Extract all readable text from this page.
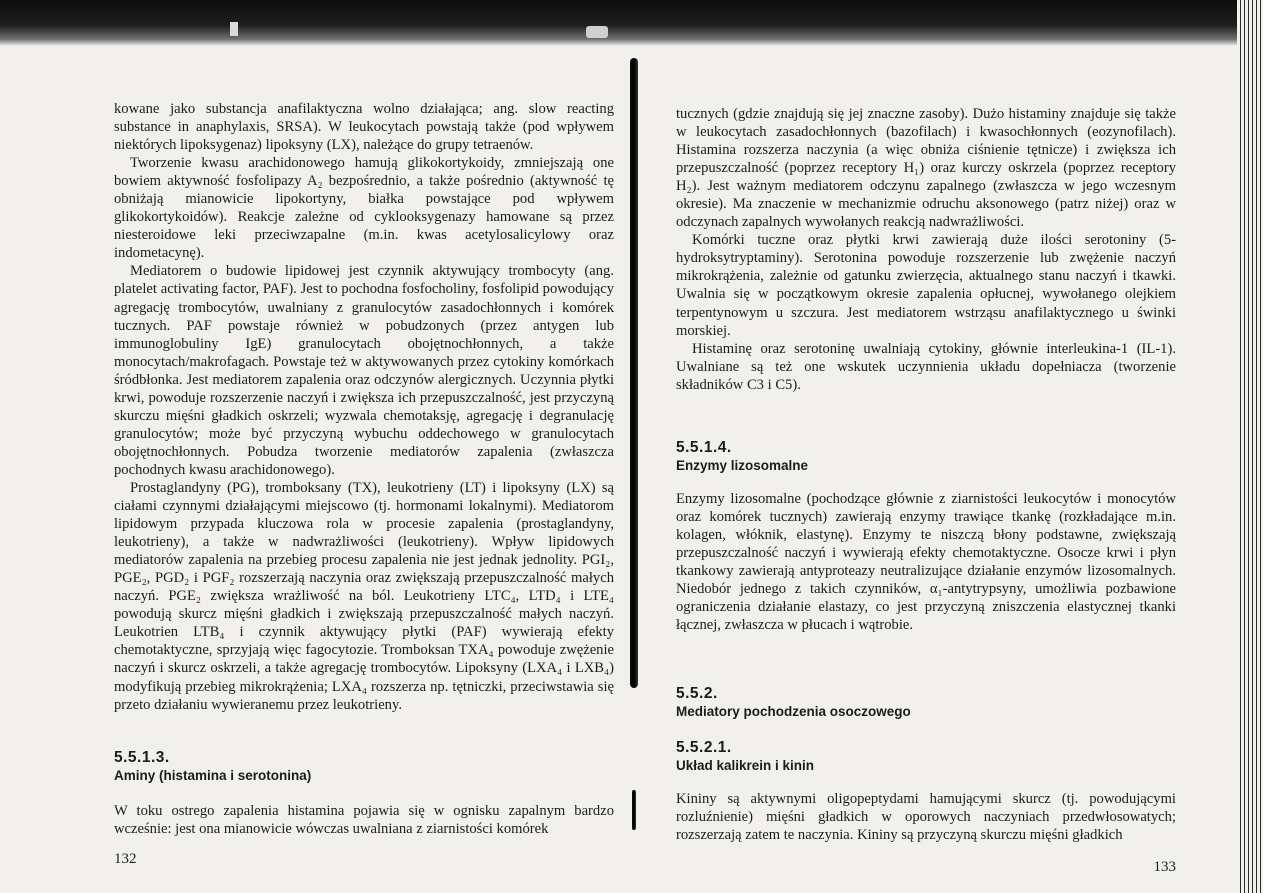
kowane jako substancja anafilaktyczna wolno działająca; ang. slow reacting substance in anaphylaxis, SRSA). W leukocytach powstają także (pod wpływem niektórych lipoksygenaz) lipoksyny (LX), należące do grupy tetraenów.

Tworzenie kwasu arachidonowego hamują glikokortykoidy, zmniejszają one bowiem aktywność fosfolipazy A₂ bezpośrednio, a także pośrednio (aktywność tę obniżają mianowicie lipokortyny, białka powstające pod wpływem glikokortykoidów). Reakcje zależne od cyklooksygenazy hamowane są przez niesteroidowe leki przeciwzapalne (m.in. kwas acetylosalicylowy oraz indometacynę).

Mediatorem o budowie lipidowej jest czynnik aktywujący trombocyty (ang. platelet activating factor, PAF). Jest to pochodna fosfocholiny, fosfolipid powodujący agregację trombocytów, uwalniany z granulocytów zasadochłonnych i komórek tucznych. PAF powstaje również w pobudzonych (przez antygen lub immunoglobuliny IgE) granulocytach obojętnochłonnych, a także monocytach/makrofagach. Powstaje też w aktywowanych przez cytokiny komórkach śródbłonka. Jest mediatorem zapalenia oraz odczynów alergicznych. Uczynnia płytki krwi, powoduje rozszerzenie naczyń i zwiększa ich przepuszczalność, jest przyczyną skurczu mięśni gładkich oskrzeli; wyzwala chemotaksję, agregację i degranulację granulocytów; może być przyczyną wybuchu oddechowego w granulocytach obojętnochłonnych. Pobudza tworzenie mediatorów zapalenia (zwłaszcza pochodnych kwasu arachidonowego).

Prostaglandyny (PG), tromboksany (TX), leukotrieny (LT) i lipoksyny (LX) są ciałami czynnymi działającymi miejscowo (tj. hormonami lokalnymi). Mediatorom lipidowym przypada kluczowa rola w procesie zapalenia (prostaglandyny, leukotrieny), a także w nadwrażliwości (leukotrieny). Wpływ lipidowych mediatorów zapalenia na przebieg procesu zapalenia nie jest jednak jednolity. PGI₂, PGE₂, PGD₂ i PGF₂ rozszerzają naczynia oraz zwiększają przepuszczalność małych naczyń. PGE₂ zwiększa wrażliwość na ból. Leukotrieny LTC₄, LTD₄ i LTE₄ powodują skurcz mięśni gładkich i zwiększają przepuszczalność małych naczyń. Leukotrien LTB₄ i czynnik aktywujący płytki (PAF) wywierają efekty chemotaktyczne, sprzyjają więc fagocytozie. Tromboksan TXA₄ powoduje zwężenie naczyń i skurcz oskrzeli, a także agregację trombocytów. Lipoksyny (LXA₄ i LXB₄) modyfikują przebieg mikrokrążenia; LXA₄ rozszerza np. tętniczki, przeciwstawia się przeto działaniu wywieranemu przez leukotrieny.

5.5.1.3.
Aminy (histamina i serotonina)

W toku ostrego zapalenia histamina pojawia się w ognisku zapalnym bardzo wcześnie: jest ona mianowicie wówczas uwalniana z ziarnistości komórek

132

tucznych (gdzie znajdują się jej znaczne zasoby). Dużo histaminy znajduje się także w leukocytach zasadochłonnych (bazofilach) i kwasochłonnych (eozynofilach). Histamina rozszerza naczynia (a więc obniża ciśnienie tętnicze) i zwiększa ich przepuszczalność (poprzez receptory H₁) oraz kurczy oskrzela (poprzez receptory H₂). Jest ważnym mediatorem odczynu zapalnego (zwłaszcza w jego wczesnym okresie). Ma znaczenie w mechanizmie odruchu aksonowego (patrz niżej) oraz w odczynach zapalnych wywołanych reakcją nadwrażliwości.

Komórki tuczne oraz płytki krwi zawierają duże ilości serotoniny (5-hydroksytryptaminy). Serotonina powoduje rozszerzenie lub zwężenie naczyń mikrokrążenia, zależnie od gatunku zwierzęcia, aktualnego stanu naczyń i tkawki. Uwalnia się w początkowym okresie zapalenia opłucnej, wywołanego olejkiem terpentynowym u szczura. Jest mediatorem wstrząsu anafilaktycznego u świnki morskiej.

Histaminę oraz serotoninę uwalniają cytokiny, głównie interleukina-1 (IL-1). Uwalniane są też one wskutek uczynnienia układu dopełniacza (tworzenie składników C3 i C5).

5.5.1.4.
Enzymy lizosomalne

Enzymy lizosomalne (pochodzące głównie z ziarnistości leukocytów i monocytów oraz komórek tucznych) zawierają enzymy trawiące tkankę (rozkładające m.in. kolagen, włóknik, elastynę). Enzymy te niszczą błony podstawne, zwiększają przepuszczalność naczyń i wywierają efekty chemotaktyczne. Osocze krwi i płyn tkankowy zawierają antyproteazy neutralizujące działanie enzymów lizosomalnych. Niedobór jednego z takich czynników, α₁-antytrypsyny, umożliwia pozbawione ograniczenia działanie elastazy, co jest przyczyną zniszczenia elastycznej tkanki łącznej, zwłaszcza w płucach i wątrobie.

5.5.2.
Mediatory pochodzenia osoczowego
5.5.2.1.
Układ kalikrein i kinin

Kininy są aktywnymi oligopeptydami hamującymi skurcz (tj. powodującymi rozluźnienie) mięśni gładkich w oporowych naczyniach przedwłosowatych; rozszerzają zatem te naczynia. Kininy są przyczyną skurczu mięśni gładkich

133
